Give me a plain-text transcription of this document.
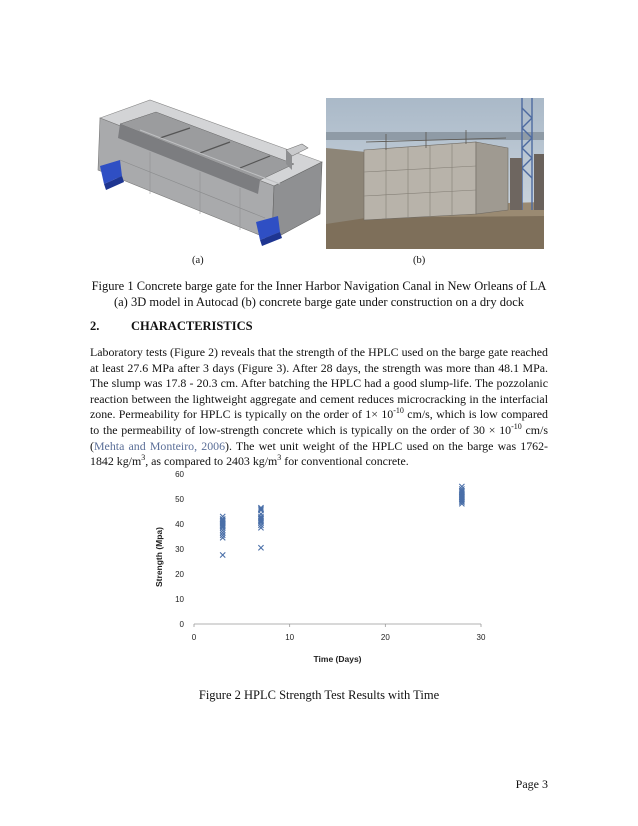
(a)	(b)
Figure 1 Concrete barge gate for the Inner Harbor Navigation Canal in New Orleans of LA
(a) 3D model in Autocad (b) concrete barge gate under construction on a dry dock
2.	CHARACTERISTICS

Laboratory tests (Figure 2) reveals that the strength of the HPLC used on the barge gate reached at least 27.6 MPa after 3 days (Figure 3). After 28 days, the strength was more than 48.1 MPa. The slump was 17.8 - 20.3 cm. After batching the HPLC had a good slump-life. The pozzolanic reaction between the lightweight aggregate and cement reduces microcracking in the interfacial zone. Permeability for HPLC is typically on the order of $1\times 10^{-10}$ cm/s, which is low compared to the permeability of low-strength concrete which is typically on the order of $30 \times 10^{-10}$ cm/s (Mehta and Monteiro, 2006). The wet unit weight of the HPLC used on the barge was 1762-1842 $kg/m^3$, as compared to 2403 $kg/m^3$ for conventional concrete.

0
10
20
30
40
50
60
0	10	20	30
Time (Days)
Strength (Mpa)
Figure 2 HPLC Strength Test Results with Time
Page 3
